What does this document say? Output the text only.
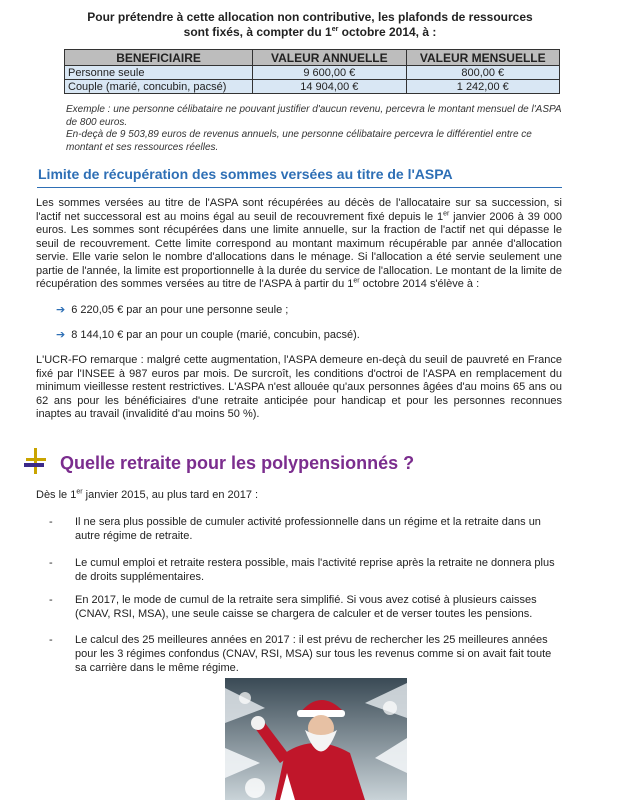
Pour prétendre à cette allocation non contributive, les plafonds de ressources
sont fixés, à compter du 1er octobre 2014, à :
BENEFICIAIRE	VALEUR ANNUELLE	VALEUR MENSUELLE
Personne seule	9 600,00 €	800,00 €
Couple (marié, concubin, pacsé)	14 904,00 €	1 242,00 €
Exemple : une personne célibataire ne pouvant justifier d'aucun revenu, percevra le montant mensuel de l'ASPA de 800 euros.
En-deçà de 9 503,89 euros de revenus annuels, une personne célibataire percevra le différentiel entre ce montant et ses ressources réelles.
Limite de récupération des sommes versées au titre de l'ASPA
Les sommes versées au titre de l'ASPA sont récupérées au décès de l'allocataire sur sa succession, si l'actif net successoral est au moins égal au seuil de recouvrement fixé depuis le 1er janvier 2006 à 39 000 euros. Les sommes sont récupérées dans une limite annuelle, sur la fraction de l'actif net qui dépasse le seuil de recouvrement. Cette limite correspond au montant maximum récupérable par année d'allocation servie. Elle varie selon le nombre d'allocations dans le ménage. Si l'allocation a été servie seulement une partie de l'année, la limite est proportionnelle à la durée du service de l'allocation. Le montant de la limite de récupération des sommes versées au titre de l'ASPA à partir du 1er octobre 2014 s'élève à :
➔ 6 220,05 € par an pour une personne seule ;
➔ 8 144,10 € par an pour un couple (marié, concubin, pacsé).
L'UCR-FO remarque : malgré cette augmentation, l'ASPA demeure en-deçà du seuil de pauvreté en France fixé par l'INSEE à 987 euros par mois. De surcroît, les conditions d'octroi de l'ASPA en remplacement du minimum vieillesse restent restrictives. L'ASPA n'est allouée qu'aux personnes âgées d'au moins 65 ans ou 62 ans pour les bénéficiaires d'une retraite anticipée pour handicap et pour les personnes reconnues inaptes au travail (invalidité d'au moins 50 %).
Quelle retraite pour les polypensionnés ?
Dès le 1er janvier 2015, au plus tard en 2017 :
- Il ne sera plus possible de cumuler activité professionnelle dans un régime et la retraite dans un autre régime de retraite.
- Le cumul emploi et retraite restera possible, mais l'activité reprise après la retraite ne donnera plus de droits supplémentaires.
- En 2017, le mode de cumul de la retraite sera simplifié. Si vous avez cotisé à plusieurs caisses (CNAV, RSI, MSA), une seule caisse se chargera de calculer et de verser toutes les pensions.
- Le calcul des 25 meilleures années en 2017 : il est prévu de rechercher les 25 meilleures années pour les 3 régimes confondus (CNAV, RSI, MSA) sur tous les revenus comme si on avait fait toute sa carrière dans le même régime.
